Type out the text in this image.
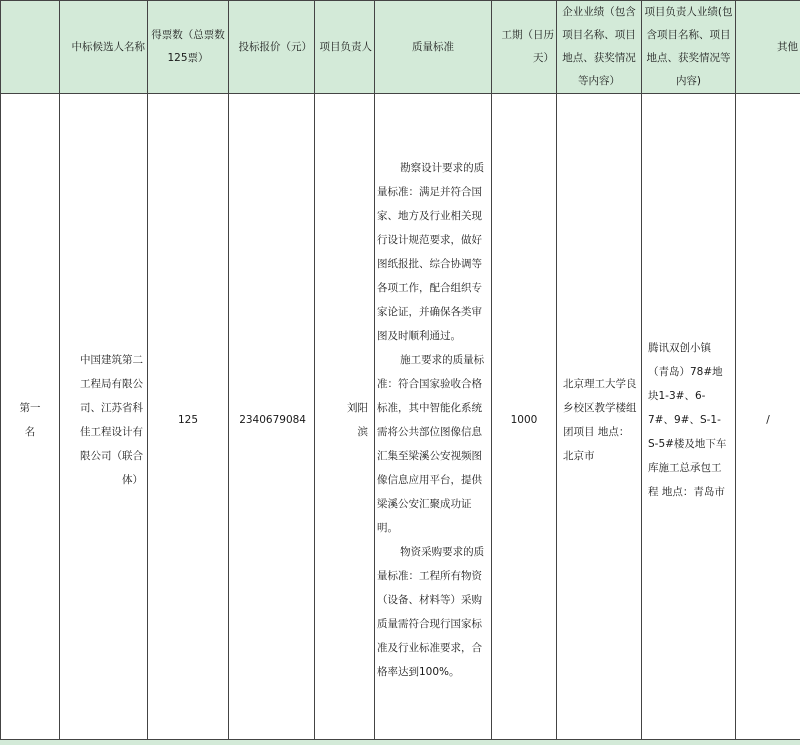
	中标候选人名称	得票数（总票数125票）	投标报价（元）	项目负责人	质量标准	工期（日历天）	企业业绩（包含项目名称、项目地点、获奖情况等内容）	项目负责人业绩(包含项目名称、项目地点、获奖情况等内容)	其他
第一名	中国建筑第二工程局有限公司、江苏省科佳工程设计有限公司（联合体）	125	2340679084	刘阳滨	勘察设计要求的质量标准：满足并符合国家、地方及行业相关现行设计规范要求，做好图纸报批、综合协调等各项工作，配合组织专家论证，并确保各类审图及时顺利通过。
施工要求的质量标准：符合国家验收合格标准，其中智能化系统需将公共部位图像信息汇集至梁溪公安视频图像信息应用平台，提供梁溪公安汇聚成功证明。
物资采购要求的质量标准：工程所有物资（设备、材料等）采购质量需符合现行国家标准及行业标准要求，合格率达到100%。	1000	北京理工大学良乡校区教学楼组团项目 地点：北京市	腾讯双创小镇（青岛）78#地块1-3#、6-7#、9#、S-1-S-5#楼及地下车库施工总承包工程 地点：青岛市	/
